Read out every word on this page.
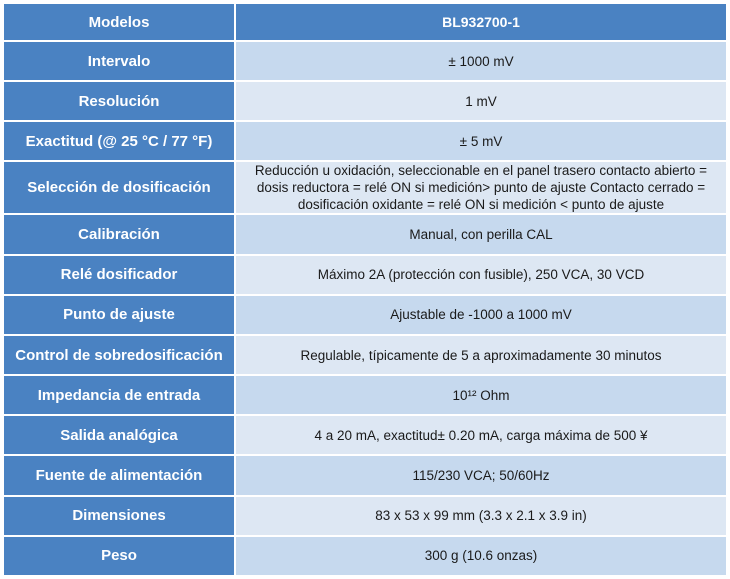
Modelos	BL932700-1
Intervalo	± 1000 mV
Resolución	1 mV
Exactitud (@ 25 °C / 77 °F)	± 5 mV
Selección de dosificación	Reducción u oxidación, seleccionable en el panel trasero contacto abierto = dosis reductora = relé ON si medición> punto de ajuste Contacto cerrado = dosificación oxidante = relé ON si medición < punto de ajuste
Calibración	Manual, con perilla CAL
Relé dosificador	Máximo 2A (protección con fusible), 250 VCA, 30 VCD
Punto de ajuste	Ajustable de -1000 a 1000 mV
Control de sobredosificación	Regulable, típicamente de 5 a aproximadamente 30 minutos
Impedancia de entrada	10¹² Ohm
Salida analógica	4 a 20 mA, exactitud± 0.20 mA, carga máxima de 500 ¥
Fuente de alimentación	115/230 VCA; 50/60Hz
Dimensiones	83 x 53 x 99 mm (3.3 x 2.1 x 3.9 in)
Peso	300 g (10.6 onzas)
